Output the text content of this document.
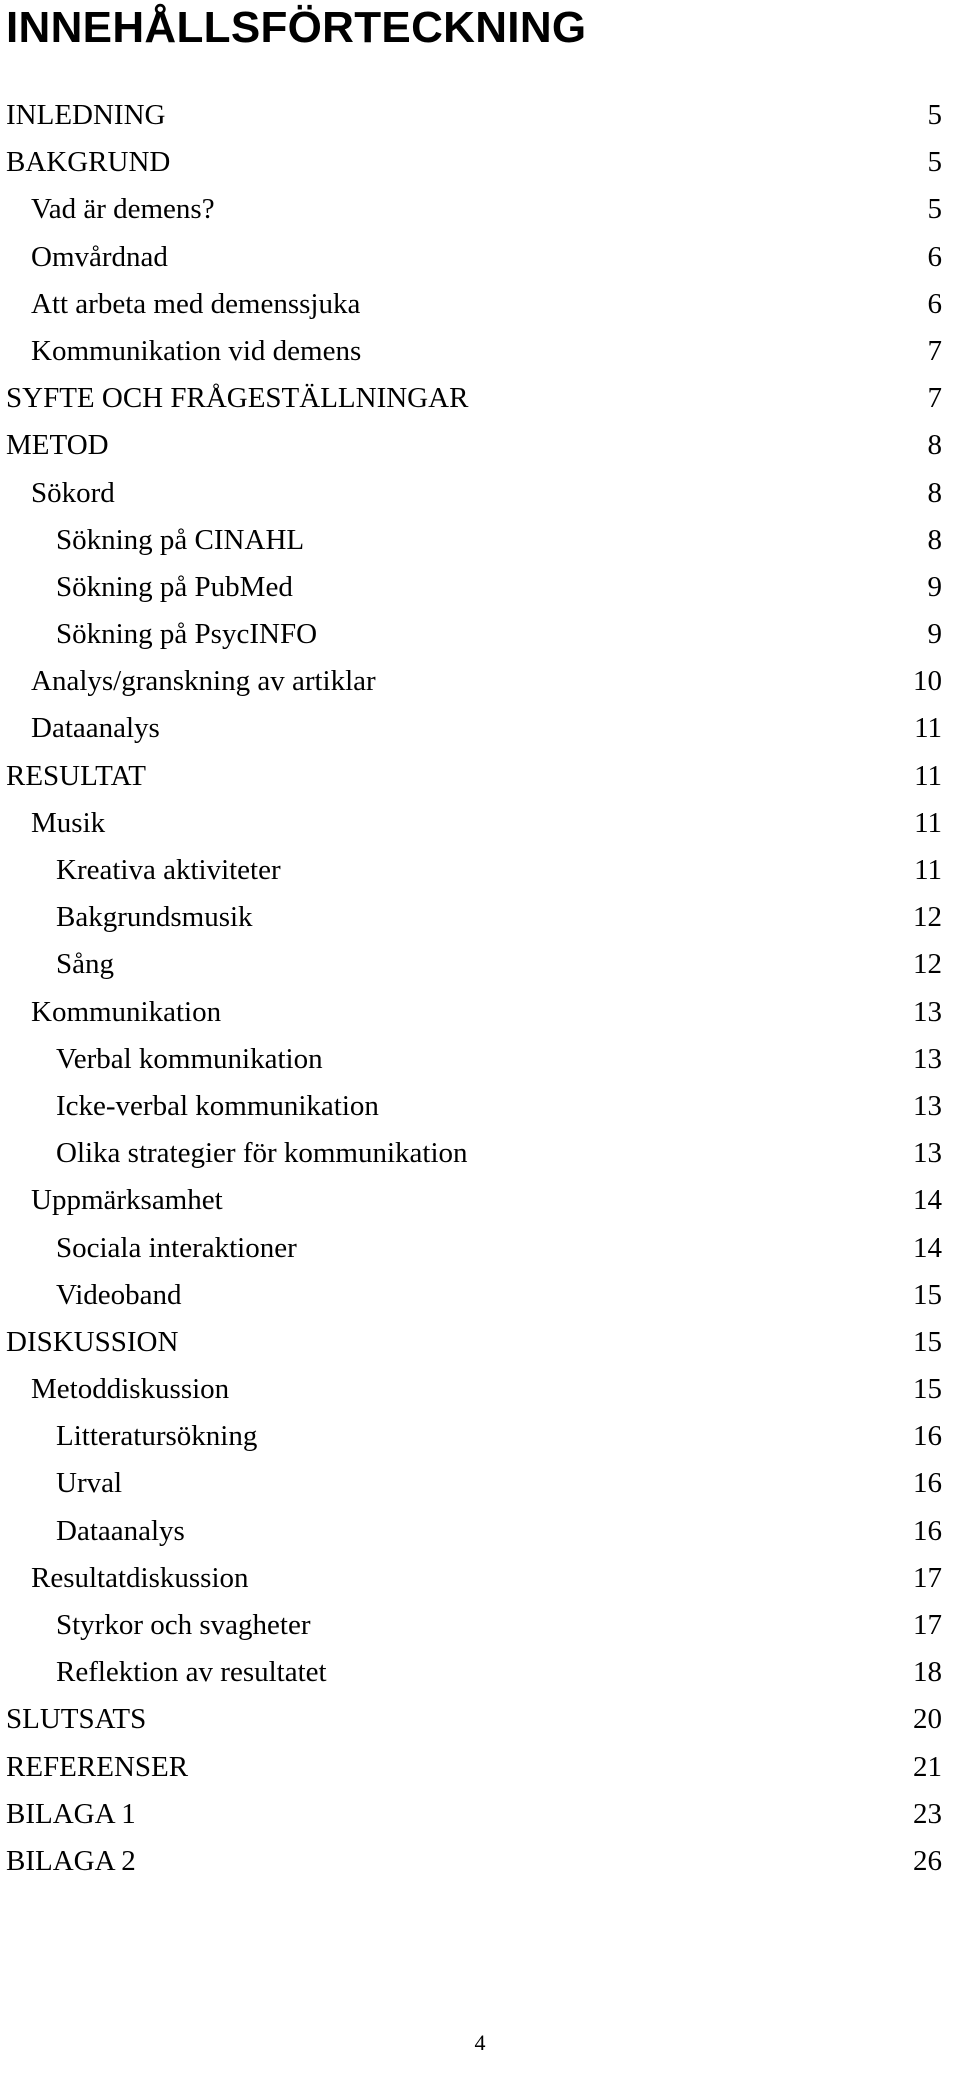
INNEHÅLLSFÖRTECKNING
INLEDNING	5
BAKGRUND	5
Vad är demens?	5
Omvårdnad	6
Att arbeta med demenssjuka	6
Kommunikation vid demens	7
SYFTE OCH FRÅGESTÄLLNINGAR	7
METOD	8
Sökord	8
Sökning på CINAHL	8
Sökning på PubMed	9
Sökning på PsycINFO	9
Analys/granskning av artiklar	10
Dataanalys	11
RESULTAT	11
Musik	11
Kreativa aktiviteter	11
Bakgrundsmusik	12
Sång	12
Kommunikation	13
Verbal kommunikation	13
Icke-verbal kommunikation	13
Olika strategier för kommunikation	13
Uppmärksamhet	14
Sociala interaktioner	14
Videoband	15
DISKUSSION	15
Metoddiskussion	15
Litteratursökning	16
Urval	16
Dataanalys	16
Resultatdiskussion	17
Styrkor och svagheter	17
Reflektion av resultatet	18
SLUTSATS	20
REFERENSER	21
BILAGA 1	23
BILAGA 2	26
4
